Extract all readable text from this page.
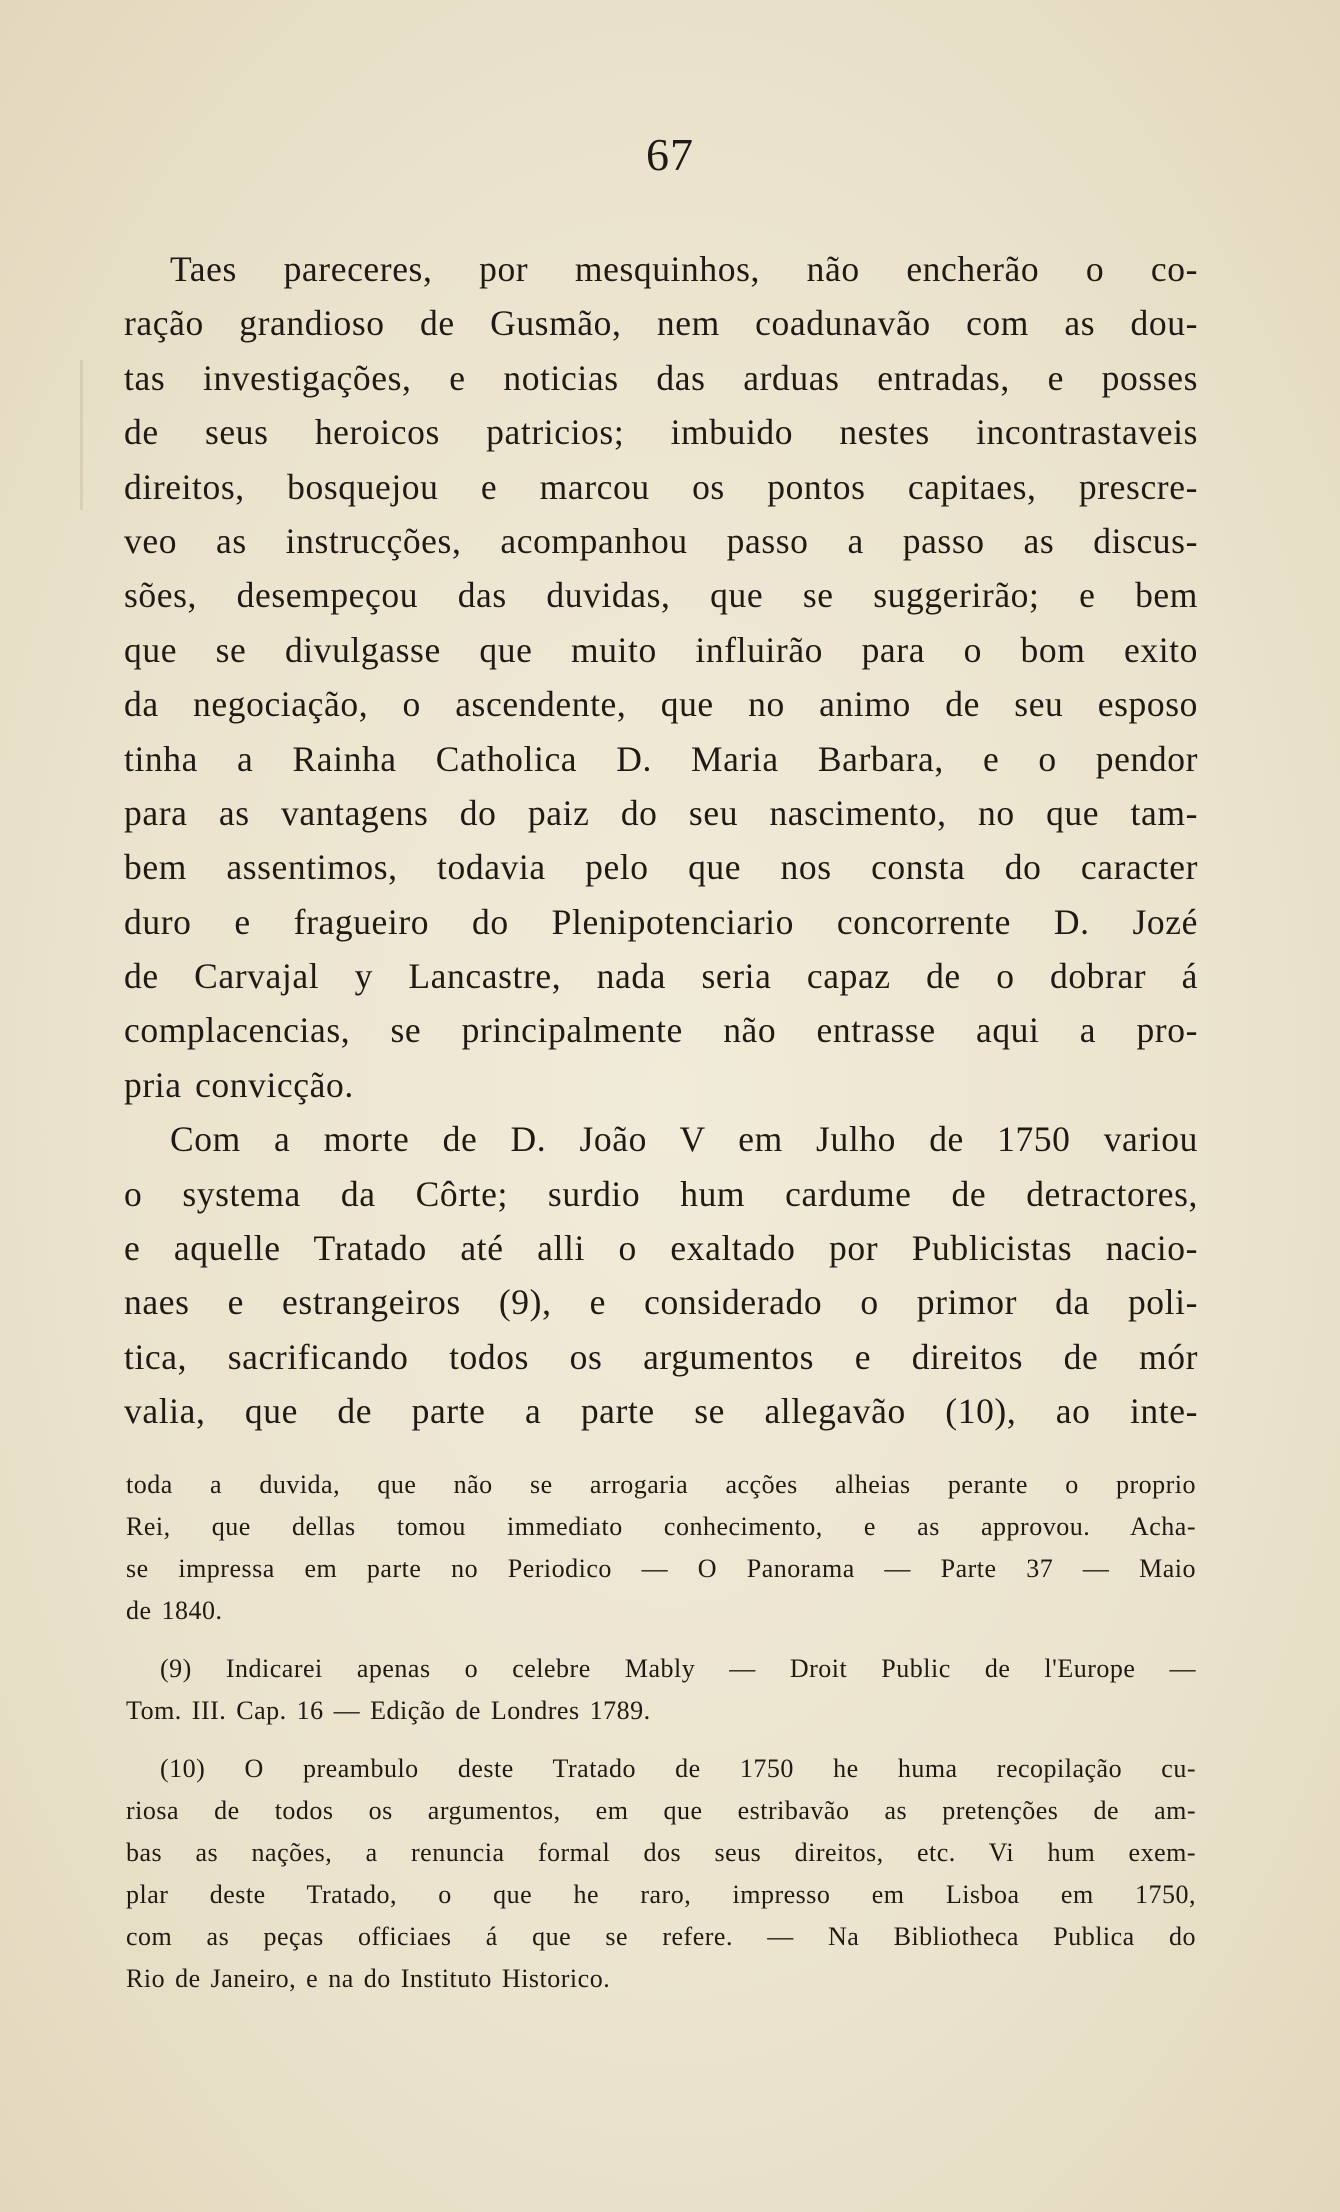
67
Taes pareceres, por mesquinhos, não encherão o co-
ração grandioso de Gusmão, nem coadunavão com as dou-
tas investigações, e noticias das arduas entradas, e posses
de seus heroicos patricios; imbuido nestes incontrastaveis
direitos, bosquejou e marcou os pontos capitaes, prescre-
veo as instrucções, acompanhou passo a passo as discus-
sões, desempeçou das duvidas, que se suggerirão; e bem
que se divulgasse que muito influirão para o bom exito
da negociação, o ascendente, que no animo de seu esposo
tinha a Rainha Catholica D. Maria Barbara, e o pendor
para as vantagens do paiz do seu nascimento, no que tam-
bem assentimos, todavia pelo que nos consta do caracter
duro e fragueiro do Plenipotenciario concorrente D. Jozé
de Carvajal y Lancastre, nada seria capaz de o dobrar á
complacencias, se principalmente não entrasse aqui a pro-
pria convicção.
Com a morte de D. João V em Julho de 1750 variou
o systema da Côrte; surdio hum cardume de detractores,
e aquelle Tratado até alli o exaltado por Publicistas nacio-
naes e estrangeiros (9), e considerado o primor da poli-
tica, sacrificando todos os argumentos e direitos de mór
valia, que de parte a parte se allegavão (10), ao inte-
toda a duvida, que não se arrogaria acções alheias perante o proprio
Rei, que dellas tomou immediato conhecimento, e as approvou. Acha-
se impressa em parte no Periodico — O Panorama — Parte 37 — Maio
de 1840.
(9) Indicarei apenas o celebre Mably — Droit Public de l'Europe —
Tom. III. Cap. 16 — Edição de Londres 1789.
(10) O preambulo deste Tratado de 1750 he huma recopilação cu-
riosa de todos os argumentos, em que estribavão as pretenções de am-
bas as nações, a renuncia formal dos seus direitos, etc. Vi hum exem-
plar deste Tratado, o que he raro, impresso em Lisboa em 1750,
com as peças officiaes á que se refere. — Na Bibliotheca Publica do
Rio de Janeiro, e na do Instituto Historico.
